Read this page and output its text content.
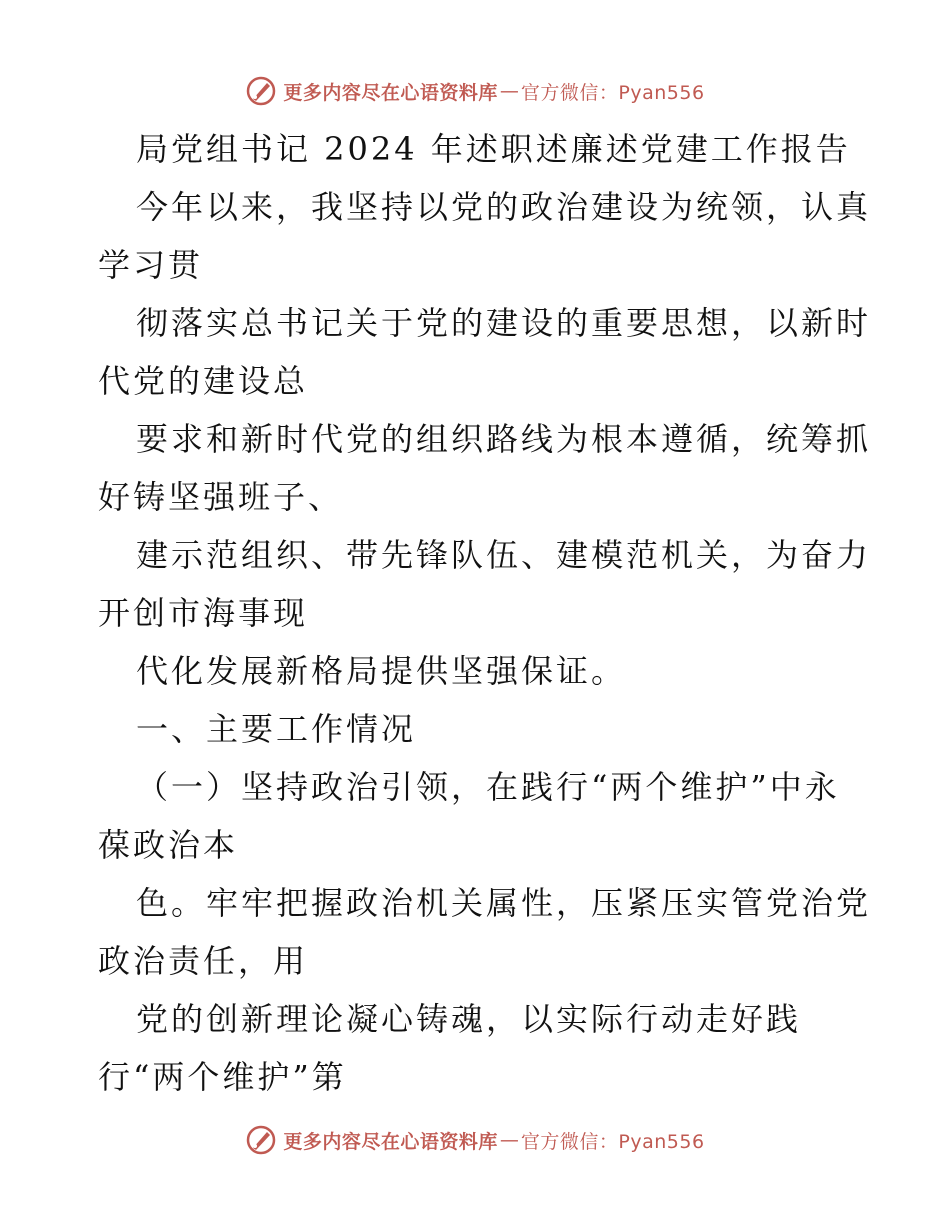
更多内容尽在心语资料库 — 官方微信：Pyan556
局党组书记 2024 年述职述廉述党建工作报告
今年以来，我坚持以党的政治建设为统领，认真
学习贯
彻落实总书记关于党的建设的重要思想，以新时
代党的建设总
要求和新时代党的组织路线为根本遵循，统筹抓
好铸坚强班子、
建示范组织、带先锋队伍、建模范机关，为奋力
开创市海事现
代化发展新格局提供坚强保证。
一、主要工作情况
（一）坚持政治引领，在践行“两个维护”中永
葆政治本
色。牢牢把握政治机关属性，压紧压实管党治党
政治责任，用
党的创新理论凝心铸魂，以实际行动走好践
行“两个维护”第
更多内容尽在心语资料库 — 官方微信：Pyan556
